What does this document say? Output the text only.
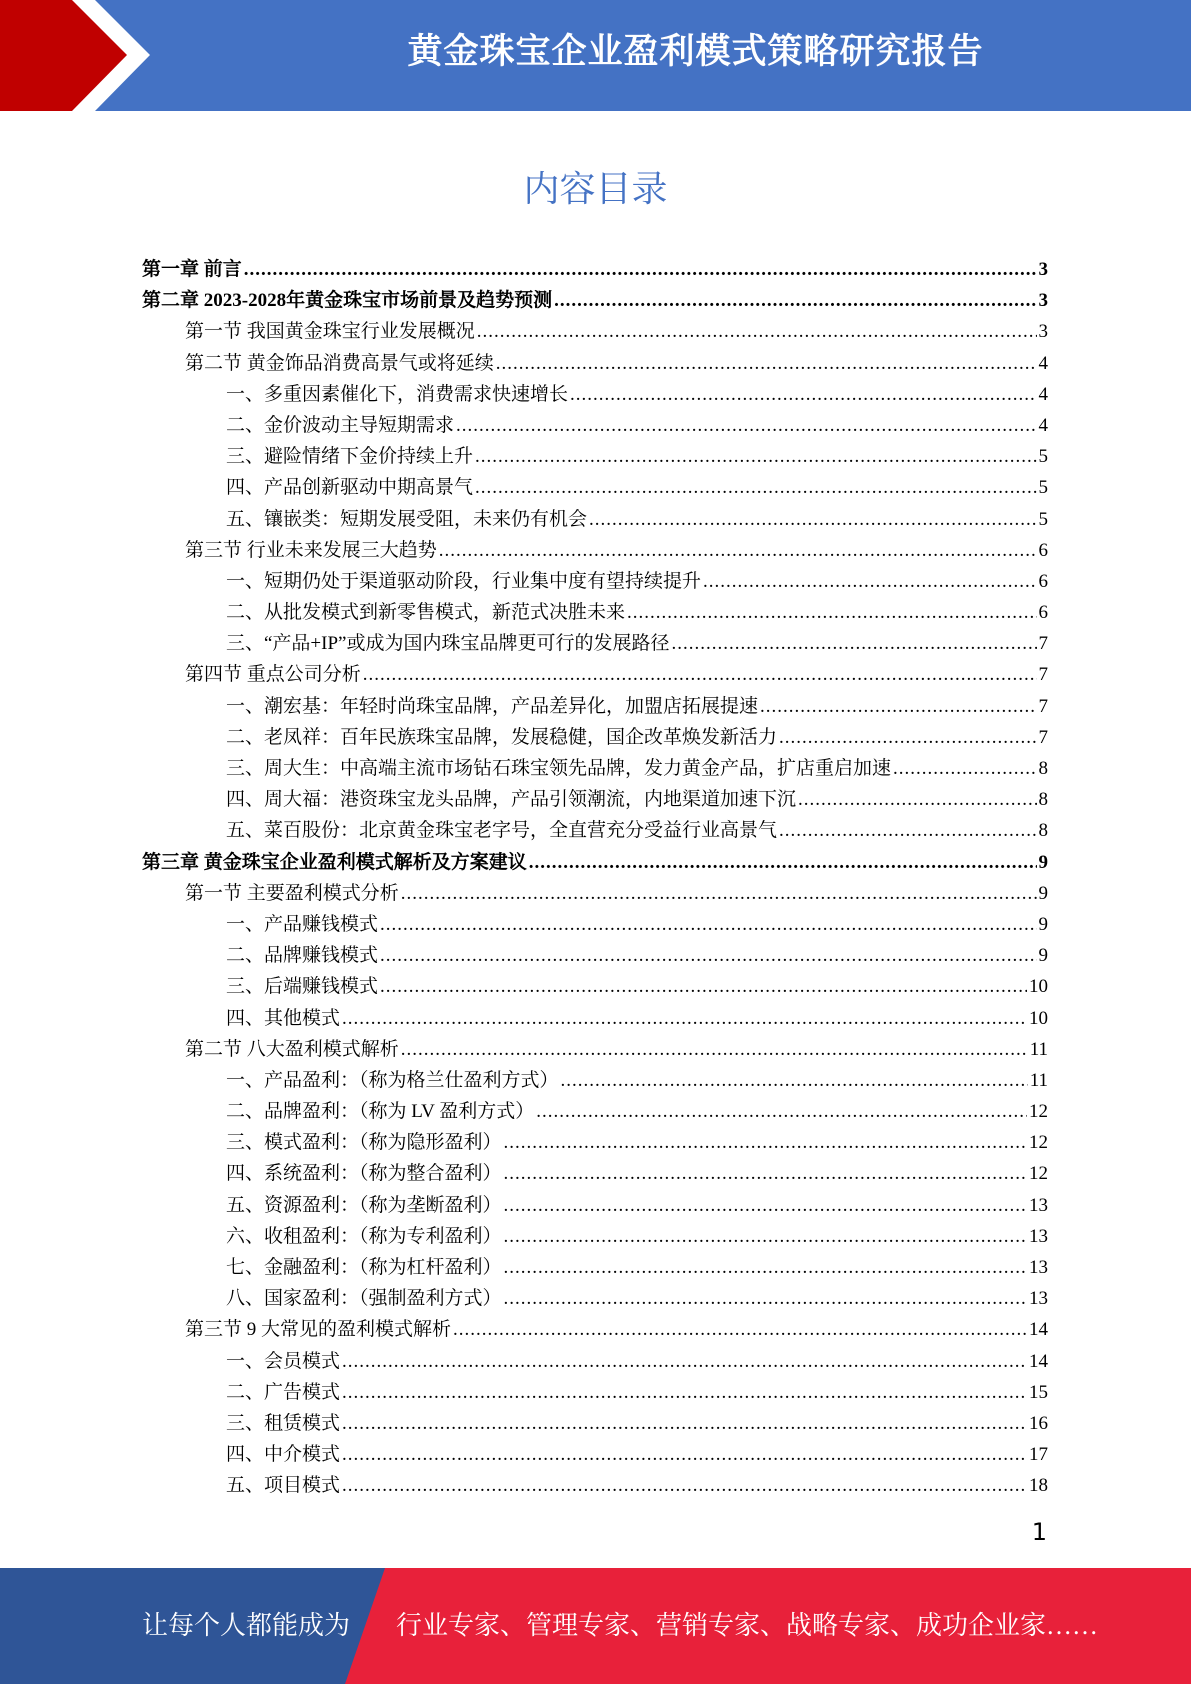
黄金珠宝企业盈利模式策略研究报告
内容目录
第一章 前言 .....	3
第二章 2023-2028年黄金珠宝市场前景及趋势预测 .....	3
第一节 我国黄金珠宝行业发展概况 .....	3
第二节 黄金饰品消费高景气或将延续 .....	4
一、多重因素催化下，消费需求快速增长 .....	4
二、金价波动主导短期需求 .....	4
三、避险情绪下金价持续上升 .....	5
四、产品创新驱动中期高景气 .....	5
五、镶嵌类：短期发展受阻，未来仍有机会 .....	5
第三节 行业未来发展三大趋势 .....	6
一、短期仍处于渠道驱动阶段，行业集中度有望持续提升 .....	6
二、从批发模式到新零售模式，新范式决胜未来 .....	6
三、“产品+IP”或成为国内珠宝品牌更可行的发展路径 .....	7
第四节 重点公司分析 .....	7
一、潮宏基：年轻时尚珠宝品牌，产品差异化，加盟店拓展提速 .....	7
二、老凤祥：百年民族珠宝品牌，发展稳健，国企改革焕发新活力 .....	7
三、周大生：中高端主流市场钻石珠宝领先品牌，发力黄金产品，扩店重启加速 .....	8
四、周大福：港资珠宝龙头品牌，产品引领潮流，内地渠道加速下沉 .....	8
五、菜百股份：北京黄金珠宝老字号，全直营充分受益行业高景气 .....	8
第三章 黄金珠宝企业盈利模式解析及方案建议 .....	9
第一节 主要盈利模式分析 .....	9
一、产品赚钱模式 .....	9
二、品牌赚钱模式 .....	9
三、后端赚钱模式 .....	10
四、其他模式 .....	10
第二节 八大盈利模式解析 .....	11
一、产品盈利：（称为格兰仕盈利方式） .....	11
二、品牌盈利：（称为 LV 盈利方式） .....	12
三、模式盈利：（称为隐形盈利） .....	12
四、系统盈利：（称为整合盈利） .....	12
五、资源盈利：（称为垄断盈利） .....	13
六、收租盈利：（称为专利盈利） .....	13
七、金融盈利：（称为杠杆盈利） .....	13
八、国家盈利：（强制盈利方式） .....	13
第三节 9 大常见的盈利模式解析 .....	14
一、会员模式 .....	14
二、广告模式 .....	15
三、租赁模式 .....	16
四、中介模式 .....	17
五、项目模式 .....	18
1
让每个人都能成为 行业专家、管理专家、营销专家、战略专家、成功企业家……
